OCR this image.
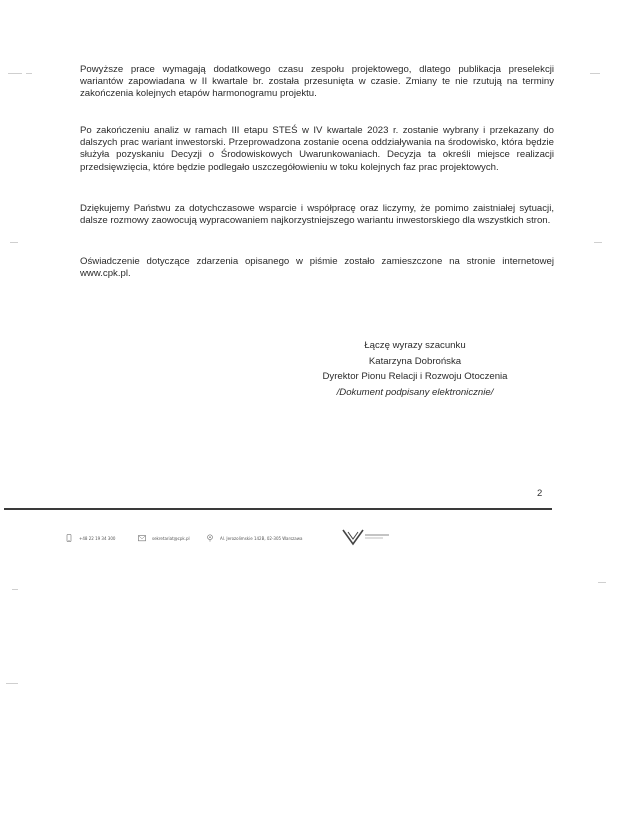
Powyższe prace wymagają dodatkowego czasu zespołu projektowego, dlatego publikacja preselekcji wariantów zapowiadana w II kwartale br. została przesunięta w czasie. Zmiany te nie rzutują na terminy zakończenia kolejnych etapów harmonogramu projektu.

Po zakończeniu analiz w ramach III etapu STEŚ w IV kwartale 2023 r. zostanie wybrany i przekazany do dalszych prac wariant inwestorski. Przeprowadzona zostanie ocena oddziaływania na środowisko, która będzie służyła pozyskaniu Decyzji o Środowiskowych Uwarunkowaniach. Decyzja ta określi miejsce realizacji przedsięwzięcia, które będzie podlegało uszczegółowieniu w toku kolejnych faz prac projektowych.

Dziękujemy Państwu za dotychczasowe wsparcie i współpracę oraz liczymy, że pomimo zaistniałej sytuacji, dalsze rozmowy zaowocują wypracowaniem najkorzystniejszego wariantu inwestorskiego dla wszystkich stron.

Oświadczenie dotyczące zdarzenia opisanego w piśmie zostało zamieszczone na stronie internetowej www.cpk.pl.

Łączę wyrazy szacunku
Katarzyna Dobrońska
Dyrektor Pionu Relacji i Rozwoju Otoczenia
/Dokument podpisany elektronicznie/
2
+48 22 19 34 300	sekretariat@cpk.pl	Al. Jerozolimskie 142B, 02-305 Warszawa
